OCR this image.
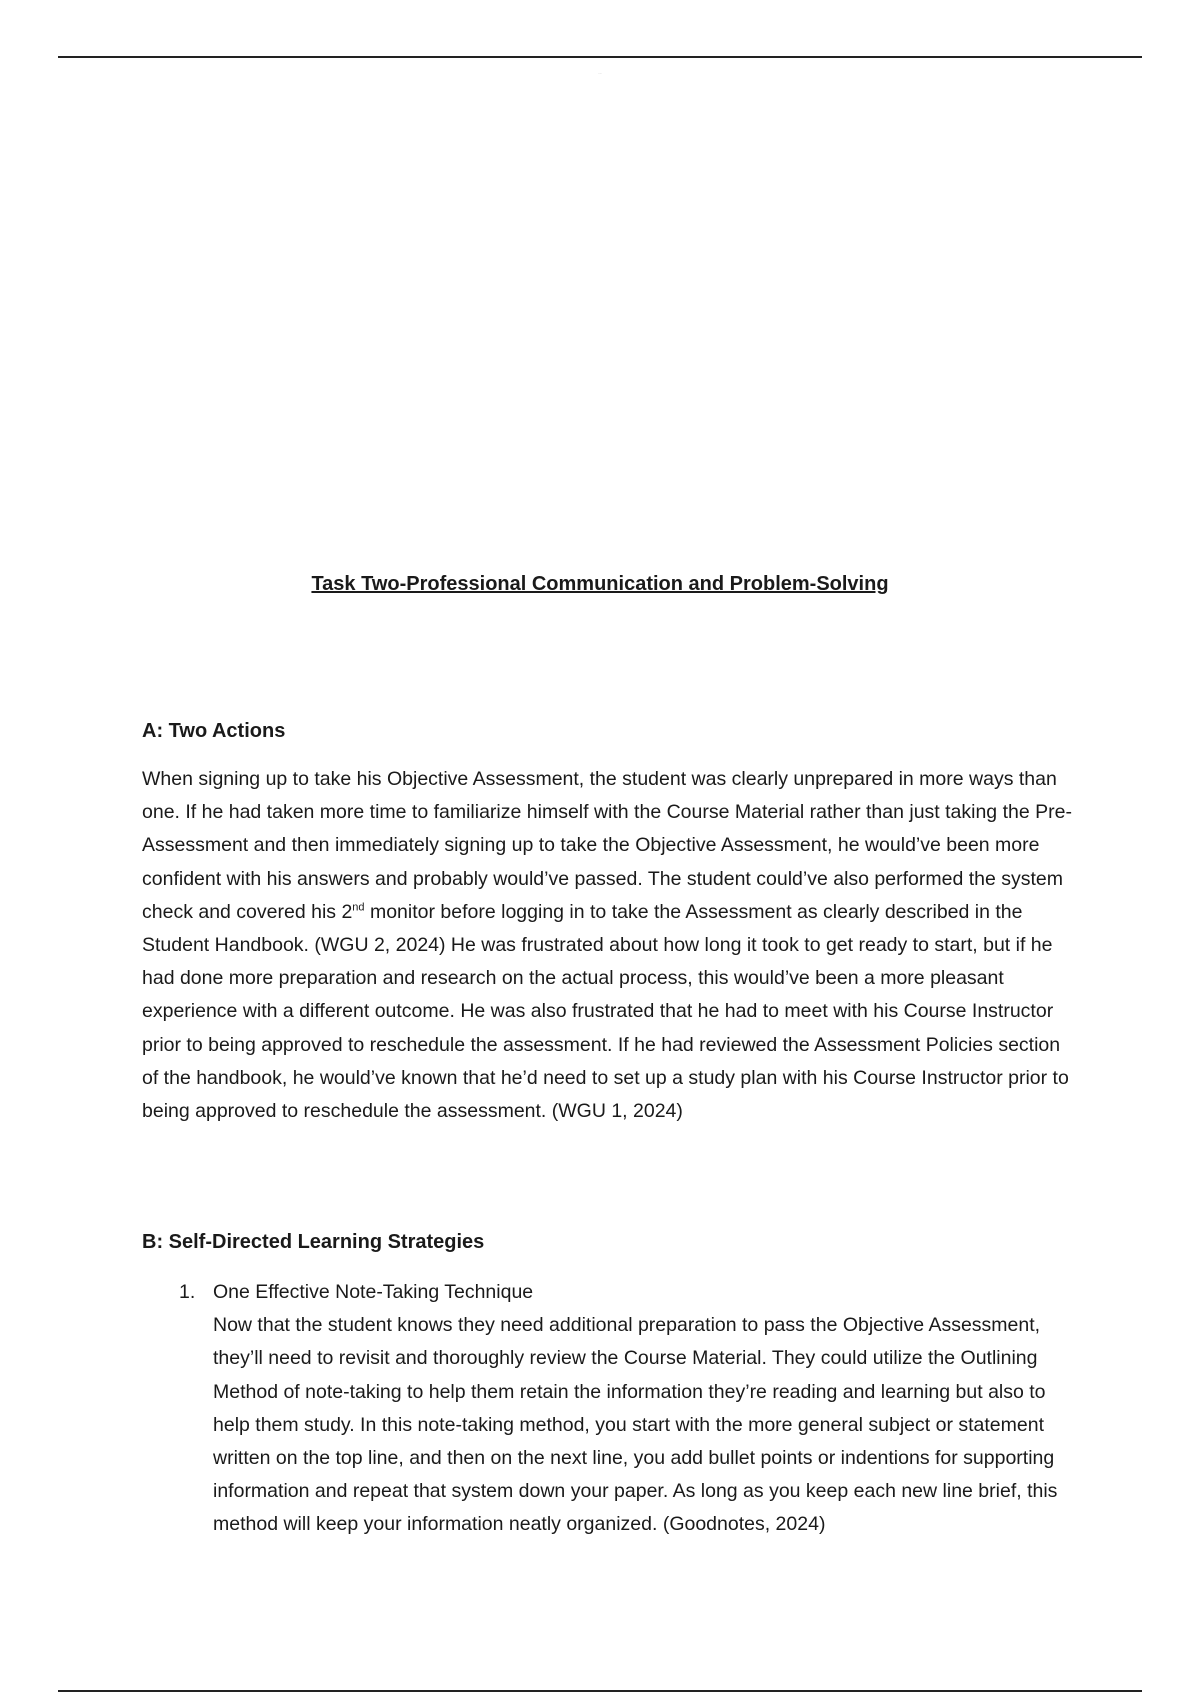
...
Task Two-Professional Communication and Problem-Solving
A: Two Actions

When signing up to take his Objective Assessment, the student was clearly unprepared in more ways than one. If he had taken more time to familiarize himself with the Course Material rather than just taking the Pre-Assessment and then immediately signing up to take the Objective Assessment, he would’ve been more confident with his answers and probably would’ve passed. The student could’ve also performed the system check and covered his 2nd monitor before logging in to take the Assessment as clearly described in the Student Handbook. (WGU 2, 2024) He was frustrated about how long it took to get ready to start, but if he had done more preparation and research on the actual process, this would’ve been a more pleasant experience with a different outcome. He was also frustrated that he had to meet with his Course Instructor prior to being approved to reschedule the assessment. If he had reviewed the Assessment Policies section of the handbook, he would’ve known that he’d need to set up a study plan with his Course Instructor prior to being approved to reschedule the assessment. (WGU 1, 2024)

B: Self-Directed Learning Strategies
1. One Effective Note-Taking Technique

Now that the student knows they need additional preparation to pass the Objective Assessment, they’ll need to revisit and thoroughly review the Course Material. They could utilize the Outlining Method of note-taking to help them retain the information they’re reading and learning but also to help them study. In this note-taking method, you start with the more general subject or statement written on the top line, and then on the next line, you add bullet points or indentions for supporting information and repeat that system down your paper. As long as you keep each new line brief, this method will keep your information neatly organized. (Goodnotes, 2024)
